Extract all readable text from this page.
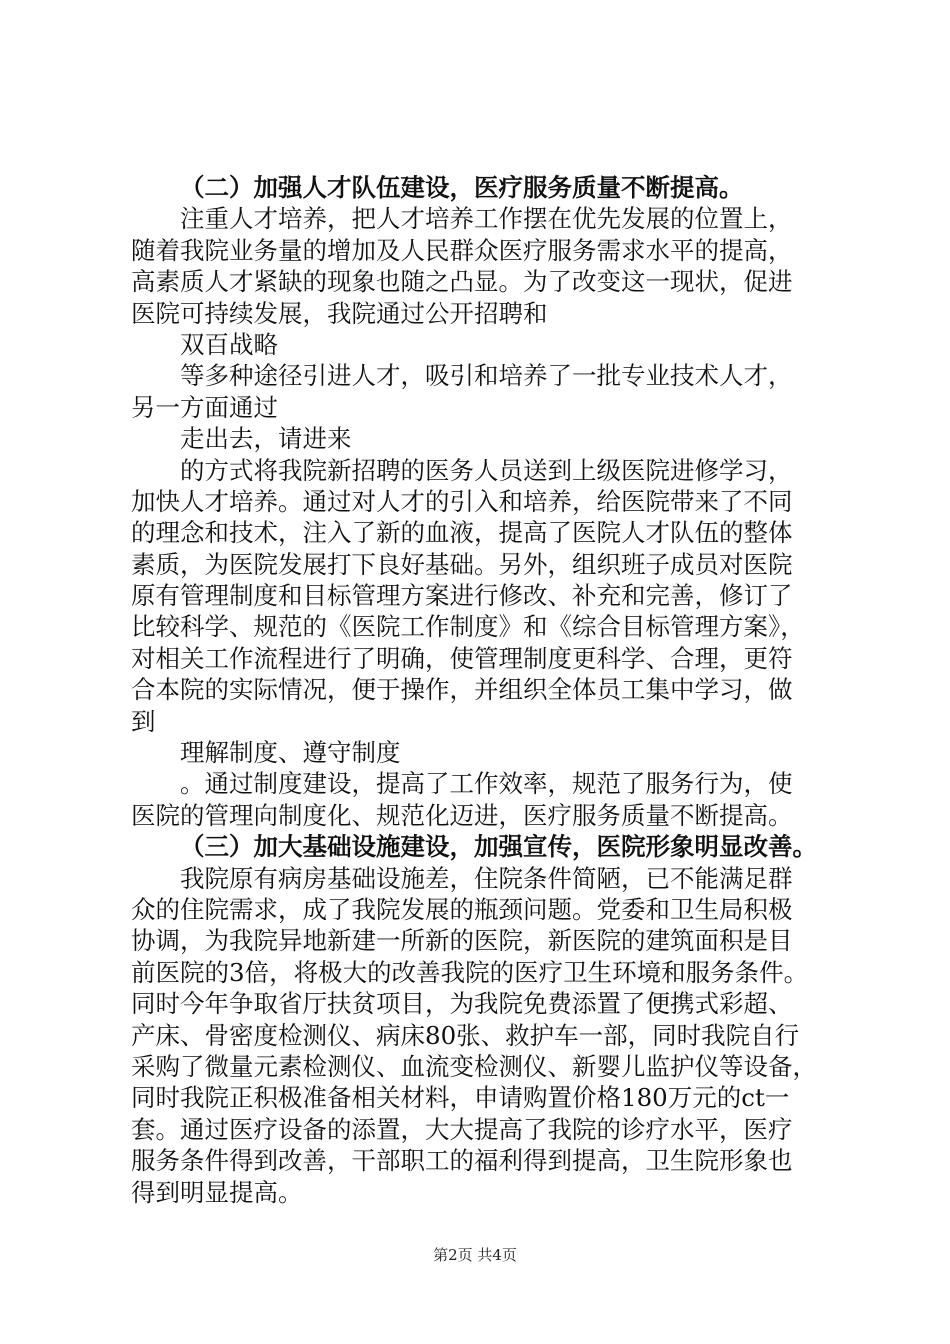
（二）加强人才队伍建设，医疗服务质量不断提高。
注重人才培养，把人才培养工作摆在优先发展的位置上，
随着我院业务量的增加及人民群众医疗服务需求水平的提高，
高素质人才紧缺的现象也随之凸显。为了改变这一现状，促进
医院可持续发展，我院通过公开招聘和
双百战略
等多种途径引进人才，吸引和培养了一批专业技术人才，
另一方面通过
走出去，请进来
的方式将我院新招聘的医务人员送到上级医院进修学习，
加快人才培养。通过对人才的引入和培养，给医院带来了不同
的理念和技术，注入了新的血液，提高了医院人才队伍的整体
素质，为医院发展打下良好基础。另外，组织班子成员对医院
原有管理制度和目标管理方案进行修改、补充和完善，修订了
比较科学、规范的《医院工作制度》和《综合目标管理方案》，
对相关工作流程进行了明确，使管理制度更科学、合理，更符
合本院的实际情况，便于操作，并组织全体员工集中学习，做
到
理解制度、遵守制度
。通过制度建设，提高了工作效率，规范了服务行为，使
医院的管理向制度化、规范化迈进，医疗服务质量不断提高。
（三）加大基础设施建设，加强宣传，医院形象明显改善。
我院原有病房基础设施差，住院条件简陋，已不能满足群
众的住院需求，成了我院发展的瓶颈问题。党委和卫生局积极
协调，为我院异地新建一所新的医院，新医院的建筑面积是目
前医院的3倍，将极大的改善我院的医疗卫生环境和服务条件。
同时今年争取省厅扶贫项目，为我院免费添置了便携式彩超、
产床、骨密度检测仪、病床80张、救护车一部，同时我院自行
采购了微量元素检测仪、血流变检测仪、新婴儿监护仪等设备，
同时我院正积极准备相关材料，申请购置价格180万元的ct一
套。通过医疗设备的添置，大大提高了我院的诊疗水平，医疗
服务条件得到改善，干部职工的福利得到提高，卫生院形象也
得到明显提高。
第2页 共4页
